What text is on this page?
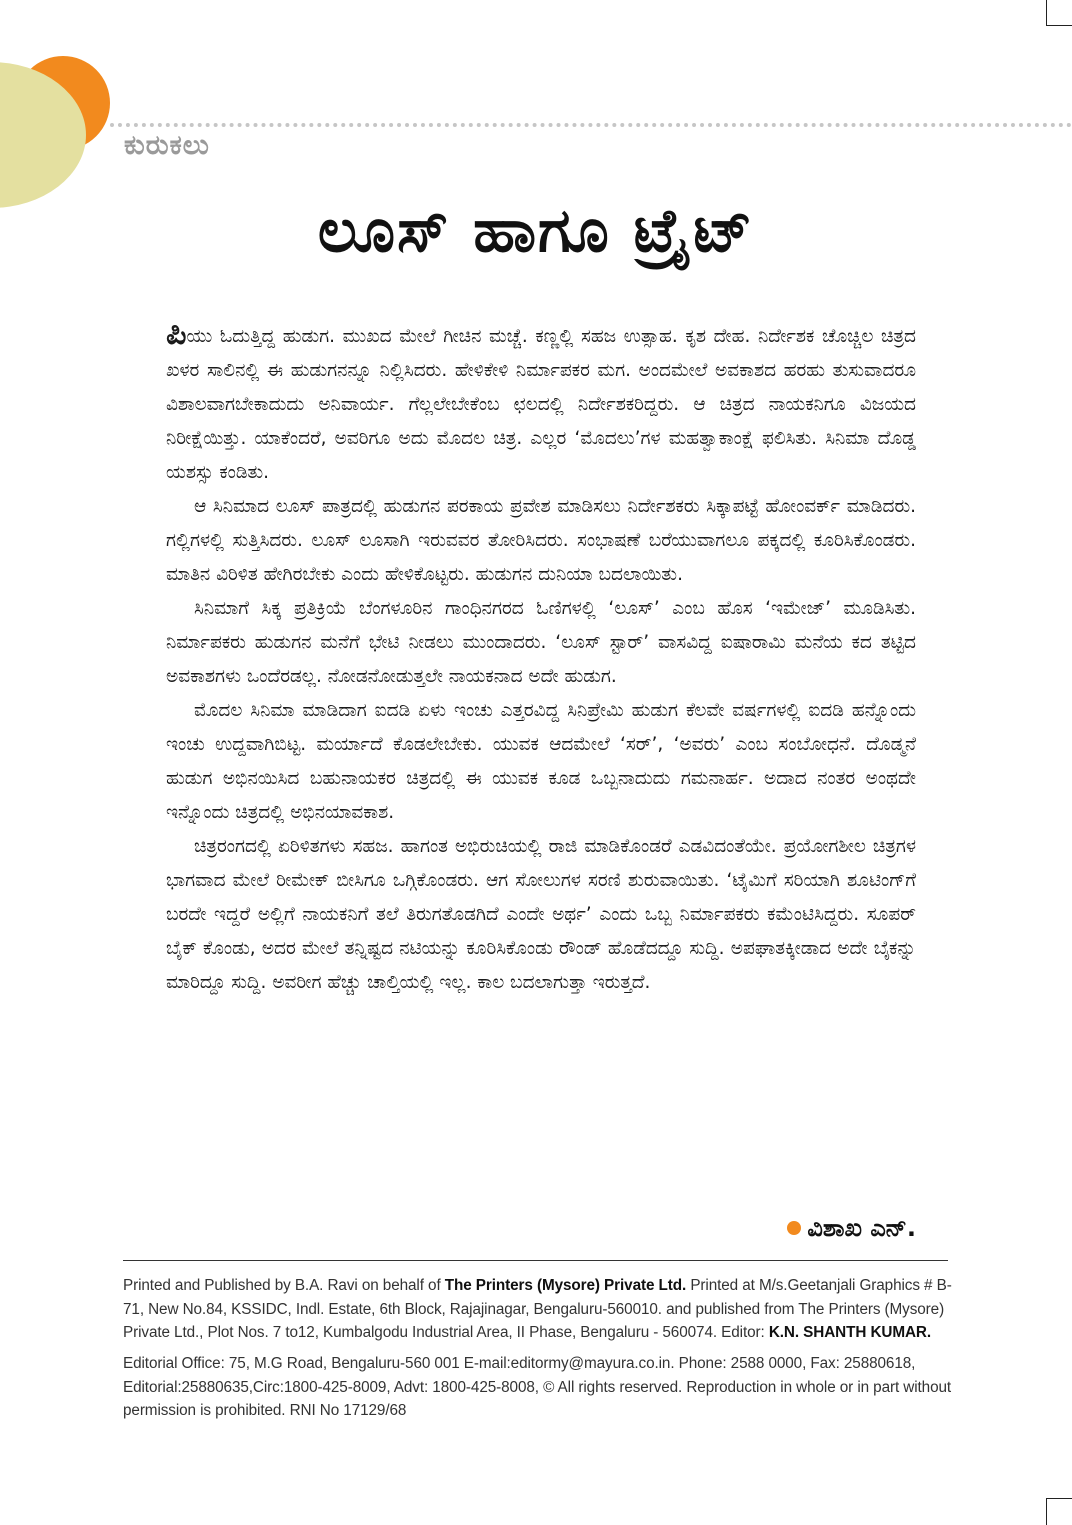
ಕುರುಕಲು
ಲೂಸ್ ಹಾಗೂ ಟ್ರೈಟ್

ಪಿಯು ಓದುತ್ತಿದ್ದ ಹುಡುಗ. ಮುಖದ ಮೇಲೆ ಗೀಚಿನ ಮಚ್ಚೆ. ಕಣ್ಣಲ್ಲಿ ಸಹಜ ಉತ್ಸಾಹ. ಕೃಶ ದೇಹ. ನಿರ್ದೇಶಕ ಚೊಚ್ಚಿಲ ಚಿತ್ರದ ಖಳರ ಸಾಲಿನಲ್ಲಿ ಈ ಹುಡುಗನನ್ನೂ ನಿಲ್ಲಿಸಿದರು. ಹೇಳಿಕೇಳಿ ನಿರ್ಮಾಪಕರ ಮಗ. ಅಂದಮೇಲೆ ಅವಕಾಶದ ಹರಹು ತುಸುವಾದರೂ ವಿಶಾಲವಾಗಬೇಕಾದುದು ಅನಿವಾರ್ಯ. ಗೆಲ್ಲಲೇಬೇಕೆಂಬ ಛಲದಲ್ಲಿ ನಿರ್ದೇಶಕರಿದ್ದರು. ಆ ಚಿತ್ರದ ನಾಯಕನಿಗೂ ವಿಜಯದ ನಿರೀಕ್ಷೆಯಿತ್ತು. ಯಾಕೆಂದರೆ, ಅವರಿಗೂ ಅದು ಮೊದಲ ಚಿತ್ರ. ಎಲ್ಲರ ‘ಮೊದಲು’ಗಳ ಮಹತ್ವಾಕಾಂಕ್ಷೆ ಫಲಿಸಿತು. ಸಿನಿಮಾ ದೊಡ್ಡ ಯಶಸ್ಸು ಕಂಡಿತು.

ಆ ಸಿನಿಮಾದ ಲೂಸ್ ಪಾತ್ರದಲ್ಲಿ ಹುಡುಗನ ಪರಕಾಯ ಪ್ರವೇಶ ಮಾಡಿಸಲು ನಿರ್ದೇಶಕರು ಸಿಕ್ಕಾಪಟ್ಟೆ ಹೋಂವರ್ಕ್ ಮಾಡಿದರು. ಗಲ್ಲಿಗಳಲ್ಲಿ ಸುತ್ತಿಸಿದರು. ಲೂಸ್ ಲೂಸಾಗಿ ಇರುವವರ ತೋರಿಸಿದರು. ಸಂಭಾಷಣೆ ಬರೆಯುವಾಗಲೂ ಪಕ್ಕದಲ್ಲಿ ಕೂರಿಸಿಕೊಂಡರು. ಮಾತಿನ ವಿರಿಳಿತ ಹೇಗಿರಬೇಕು ಎಂದು ಹೇಳಿಕೊಟ್ಟರು. ಹುಡುಗನ ದುನಿಯಾ ಬದಲಾಯಿತು.

ಸಿನಿಮಾಗೆ ಸಿಕ್ಕ ಪ್ರತಿಕ್ರಿಯೆ ಬೆಂಗಳೂರಿನ ಗಾಂಧಿನಗರದ ಓಣಿಗಳಲ್ಲಿ ‘ಲೂಸ್’ ಎಂಬ ಹೊಸ ‘ಇಮೇಜ್’ ಮೂಡಿಸಿತು. ನಿರ್ಮಾಪಕರು ಹುಡುಗನ ಮನೆಗೆ ಭೇಟಿ ನೀಡಲು ಮುಂದಾದರು. ‘ಲೂಸ್ ಸ್ಟಾರ್’ ವಾಸವಿದ್ದ ಐಷಾರಾಮಿ ಮನೆಯ ಕದ ತಟ್ಟಿದ ಅವಕಾಶಗಳು ಒಂದೆರಡಲ್ಲ. ನೋಡನೋಡುತ್ತಲೇ ನಾಯಕನಾದ ಅದೇ ಹುಡುಗ.

ಮೊದಲ ಸಿನಿಮಾ ಮಾಡಿದಾಗ ಐದಡಿ ಏಳು ಇಂಚು ಎತ್ತರವಿದ್ದ ಸಿನಿಪ್ರೇಮಿ ಹುಡುಗ ಕೆಲವೇ ವರ್ಷಗಳಲ್ಲಿ ಐದಡಿ ಹನ್ನೊಂದು ಇಂಚು ಉದ್ದವಾಗಿಬಿಟ್ಟ. ಮರ್ಯಾದೆ ಕೊಡಲೇಬೇಕು. ಯುವಕ ಆದಮೇಲೆ ‘ಸರ್’, ‘ಅವರು’ ಎಂಬ ಸಂಬೋಧನೆ. ದೊಡ್ಮನೆ ಹುಡುಗ ಅಭಿನಯಿಸಿದ ಬಹುನಾಯಕರ ಚಿತ್ರದಲ್ಲಿ ಈ ಯುವಕ ಕೂಡ ಒಬ್ಬನಾದುದು ಗಮನಾರ್ಹ. ಅದಾದ ನಂತರ ಅಂಥದೇ ಇನ್ನೊಂದು ಚಿತ್ರದಲ್ಲಿ ಅಭಿನಯಾವಕಾಶ.

ಚಿತ್ರರಂಗದಲ್ಲಿ ಏರಿಳಿತಗಳು ಸಹಜ. ಹಾಗಂತ ಅಭಿರುಚಿಯಲ್ಲಿ ರಾಜಿ ಮಾಡಿಕೊಂಡರೆ ಎಡವಿದಂತೆಯೇ. ಪ್ರಯೋಗಶೀಲ ಚಿತ್ರಗಳ ಭಾಗವಾದ ಮೇಲೆ ರೀಮೇಕ್ ಬೀಸಿಗೂ ಒಗ್ಗಿಕೊಂಡರು. ಆಗ ಸೋಲುಗಳ ಸರಣಿ ಶುರುವಾಯಿತು. ‘ಟೈಮಿಗೆ ಸರಿಯಾಗಿ ಶೂಟಿಂಗ್‌ಗೆ ಬರದೇ ಇದ್ದರೆ ಅಲ್ಲಿಗೆ ನಾಯಕನಿಗೆ ತಲೆ ತಿರುಗತೊಡಗಿದೆ ಎಂದೇ ಅರ್ಥ’ ಎಂದು ಒಬ್ಬ ನಿರ್ಮಾಪಕರು ಕಮೆಂಟಿಸಿದ್ದರು. ಸೂಪರ್ ಬೈಕ್ ಕೊಂಡು, ಅದರ ಮೇಲೆ ತನ್ನಿಷ್ಟದ ನಟಿಯನ್ನು ಕೂರಿಸಿಕೊಂಡು ರೌಂಡ್ ಹೊಡೆದದ್ದೂ ಸುದ್ದಿ. ಅಪಘಾತಕ್ಕೀಡಾದ ಅದೇ ಬೈಕನ್ನು ಮಾರಿದ್ದೂ ಸುದ್ದಿ. ಅವರೀಗ ಹೆಚ್ಚು ಚಾಲ್ತಿಯಲ್ಲಿ ಇಲ್ಲ. ಕಾಲ ಬದಲಾಗುತ್ತಾ ಇರುತ್ತದೆ.

ವಿಶಾಖ ಎನ್.

Printed and Published by B.A. Ravi on behalf of The Printers (Mysore) Private Ltd. Printed at M/s.Geetanjali Graphics # B-71, New No.84, KSSIDC, Indl. Estate, 6th Block, Rajajinagar, Bengaluru-560010. and published from The Printers (Mysore) Private Ltd., Plot Nos. 7 to12, Kumbalgodu Industrial Area, II Phase, Bengaluru - 560074. Editor: K.N. SHANTH KUMAR.

Editorial Office: 75, M.G Road, Bengaluru-560 001 E-mail:editormy@mayura.co.in. Phone: 2588 0000, Fax: 25880618, Editorial:25880635,Circ:1800-425-8009, Advt: 1800-425-8008, © All rights reserved. Reproduction in whole or in part without permission is prohibited. RNI No 17129/68
